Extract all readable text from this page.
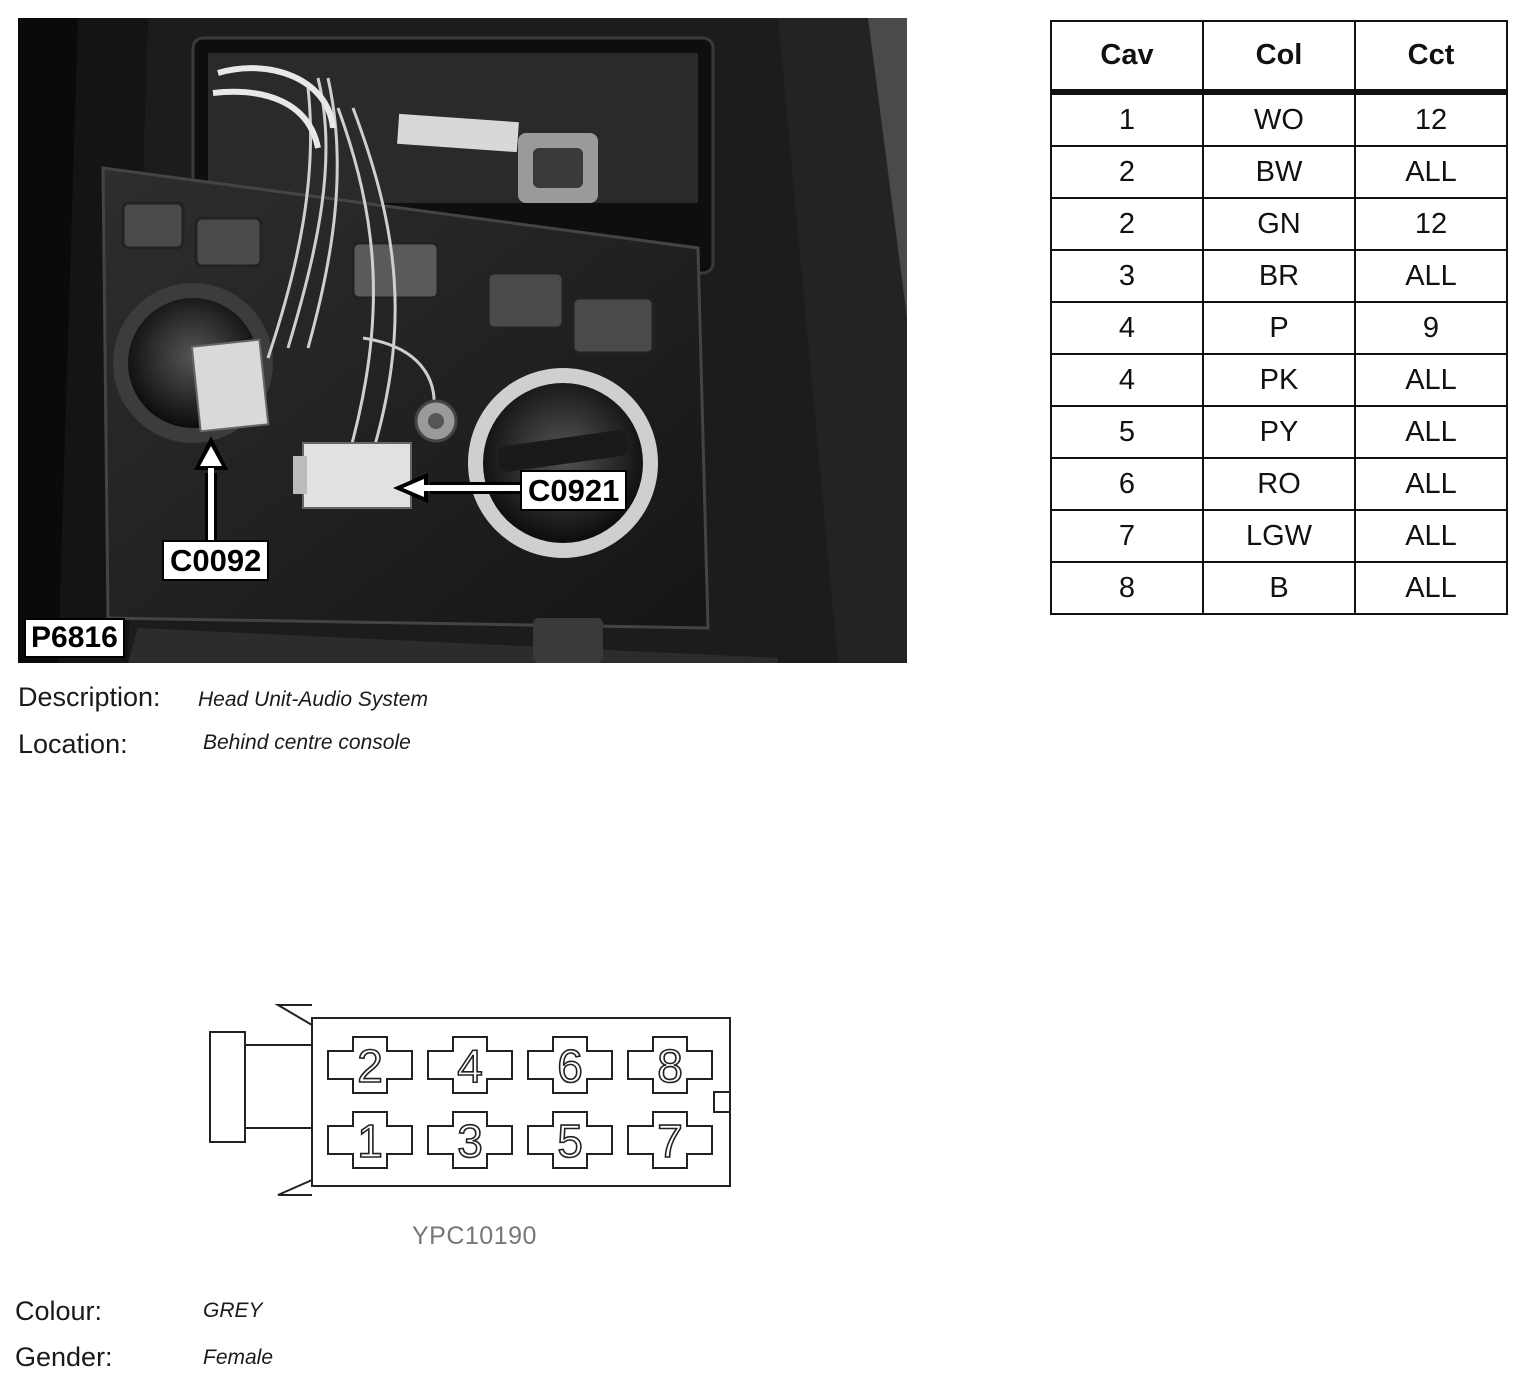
C0092
C0921
P6816
Description: Head Unit-Audio System
Location:	Behind centre console
Cav	Col	Cct
1	WO	12
2	BW	ALL
2	GN	12
3	BR	ALL
4	P	9
4	PK	ALL
5	PY	ALL
6	RO	ALL
7	LGW	ALL
8	B	ALL
2 4 6 8
1 3 5 7
YPC10190
Colour:	GREY
Gender:	Female
